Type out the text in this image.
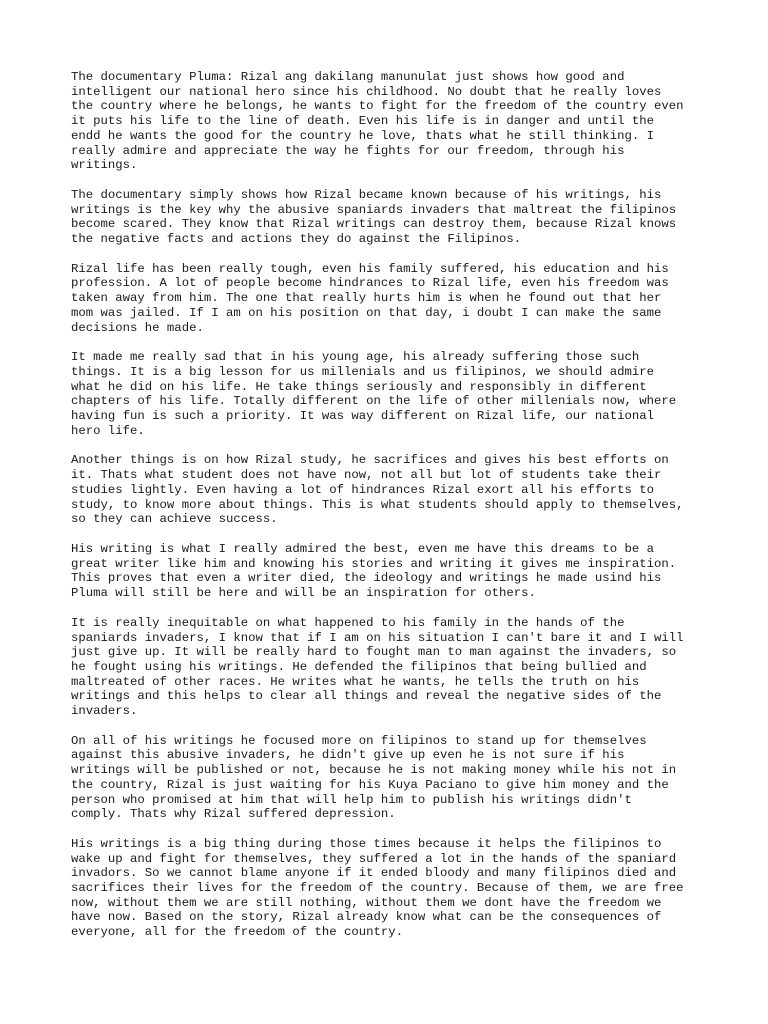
The documentary Pluma: Rizal ang dakilang manunulat just shows how good and
intelligent our national hero since his childhood. No doubt that he really loves
the country where he belongs, he wants to fight for the freedom of the country even
it puts his life to the line of death. Even his life is in danger and until the
endd he wants the good for the country he love, thats what he still thinking. I
really admire and appreciate the way he fights for our freedom, through his
writings.

The documentary simply shows how Rizal became known because of his writings, his
writings is the key why the abusive spaniards invaders that maltreat the filipinos
become scared. They know that Rizal writings can destroy them, because Rizal knows
the negative facts and actions they do against the Filipinos.

Rizal life has been really tough, even his family suffered, his education and his
profession. A lot of people become hindrances to Rizal life, even his freedom was
taken away from him. The one that really hurts him is when he found out that her
mom was jailed. If I am on his position on that day, i doubt I can make the same
decisions he made.

It made me really sad that in his young age, his already suffering those such
things. It is a big lesson for us millenials and us filipinos, we should admire
what he did on his life. He take things seriously and responsibly in different
chapters of his life. Totally different on the life of other millenials now, where
having fun is such a priority. It was way different on Rizal life, our national
hero life.

Another things is on how Rizal study, he sacrifices and gives his best efforts on
it. Thats what student does not have now, not all but lot of students take their
studies lightly. Even having a lot of hindrances Rizal exort all his efforts to
study, to know more about things. This is what students should apply to themselves,
so they can achieve success.

His writing is what I really admired the best, even me have this dreams to be a
great writer like him and knowing his stories and writing it gives me inspiration.
This proves that even a writer died, the ideology and writings he made usind his
Pluma will still be here and will be an inspiration for others.

It is really inequitable on what happened to his family in the hands of the
spaniards invaders, I know that if I am on his situation I can't bare it and I will
just give up. It will be really hard to fought man to man against the invaders, so
he fought using his writings. He defended the filipinos that being bullied and
maltreated of other races. He writes what he wants, he tells the truth on his
writings and this helps to clear all things and reveal the negative sides of the
invaders.

On all of his writings he focused more on filipinos to stand up for themselves
against this abusive invaders, he didn't give up even he is not sure if his
writings will be published or not, because he is not making money while his not in
the country, Rizal is just waiting for his Kuya Paciano to give him money and the
person who promised at him that will help him to publish his writings didn't
comply. Thats why Rizal suffered depression.

His writings is a big thing during those times because it helps the filipinos to
wake up and fight for themselves, they suffered a lot in the hands of the spaniard
invadors. So we cannot blame anyone if it ended bloody and many filipinos died and
sacrifices their lives for the freedom of the country. Because of them, we are free
now, without them we are still nothing, without them we dont have the freedom we
have now. Based on the story, Rizal already know what can be the consequences of
everyone, all for the freedom of the country.
